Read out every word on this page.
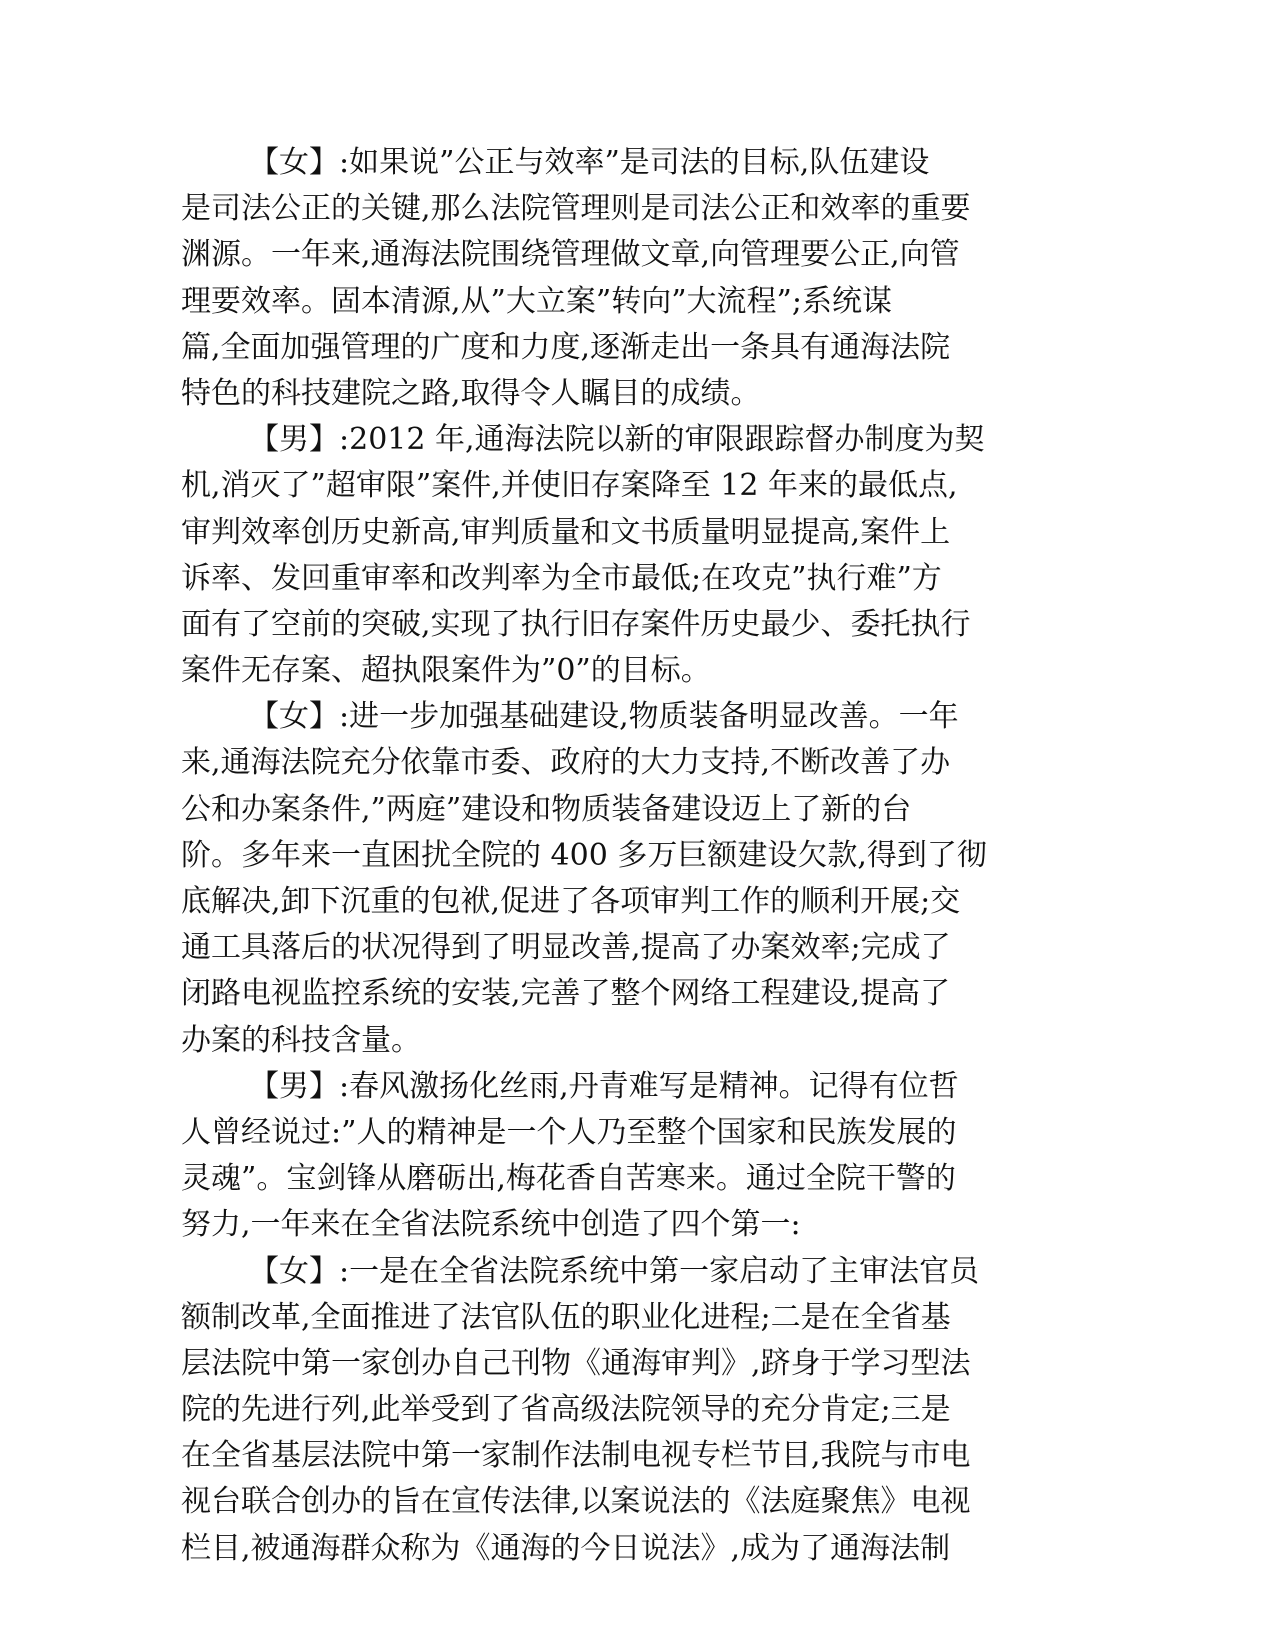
【女】:如果说”公正与效率”是司法的目标,队伍建设
是司法公正的关键,那么法院管理则是司法公正和效率的重要
渊源。一年来,通海法院围绕管理做文章,向管理要公正,向管
理要效率。固本清源,从”大立案”转向”大流程”;系统谋
篇,全面加强管理的广度和力度,逐渐走出一条具有通海法院
特色的科技建院之路,取得令人瞩目的成绩。
【男】:2012 年,通海法院以新的审限跟踪督办制度为契
机,消灭了”超审限”案件,并使旧存案降至 12 年来的最低点,
审判效率创历史新高,审判质量和文书质量明显提高,案件上
诉率、发回重审率和改判率为全市最低;在攻克”执行难”方
面有了空前的突破,实现了执行旧存案件历史最少、委托执行
案件无存案、超执限案件为”0”的目标。
【女】:进一步加强基础建设,物质装备明显改善。一年
来,通海法院充分依靠市委、政府的大力支持,不断改善了办
公和办案条件,”两庭”建设和物质装备建设迈上了新的台
阶。多年来一直困扰全院的 400 多万巨额建设欠款,得到了彻
底解决,卸下沉重的包袱,促进了各项审判工作的顺利开展;交
通工具落后的状况得到了明显改善,提高了办案效率;完成了
闭路电视监控系统的安装,完善了整个网络工程建设,提高了
办案的科技含量。
【男】:春风激扬化丝雨,丹青难写是精神。记得有位哲
人曾经说过:”人的精神是一个人乃至整个国家和民族发展的
灵魂”。宝剑锋从磨砺出,梅花香自苦寒来。通过全院干警的
努力,一年来在全省法院系统中创造了四个第一:
【女】:一是在全省法院系统中第一家启动了主审法官员
额制改革,全面推进了法官队伍的职业化进程;二是在全省基
层法院中第一家创办自己刊物《通海审判》,跻身于学习型法
院的先进行列,此举受到了省高级法院领导的充分肯定;三是
在全省基层法院中第一家制作法制电视专栏节目,我院与市电
视台联合创办的旨在宣传法律,以案说法的《法庭聚焦》电视
栏目,被通海群众称为《通海的今日说法》,成为了通海法制
